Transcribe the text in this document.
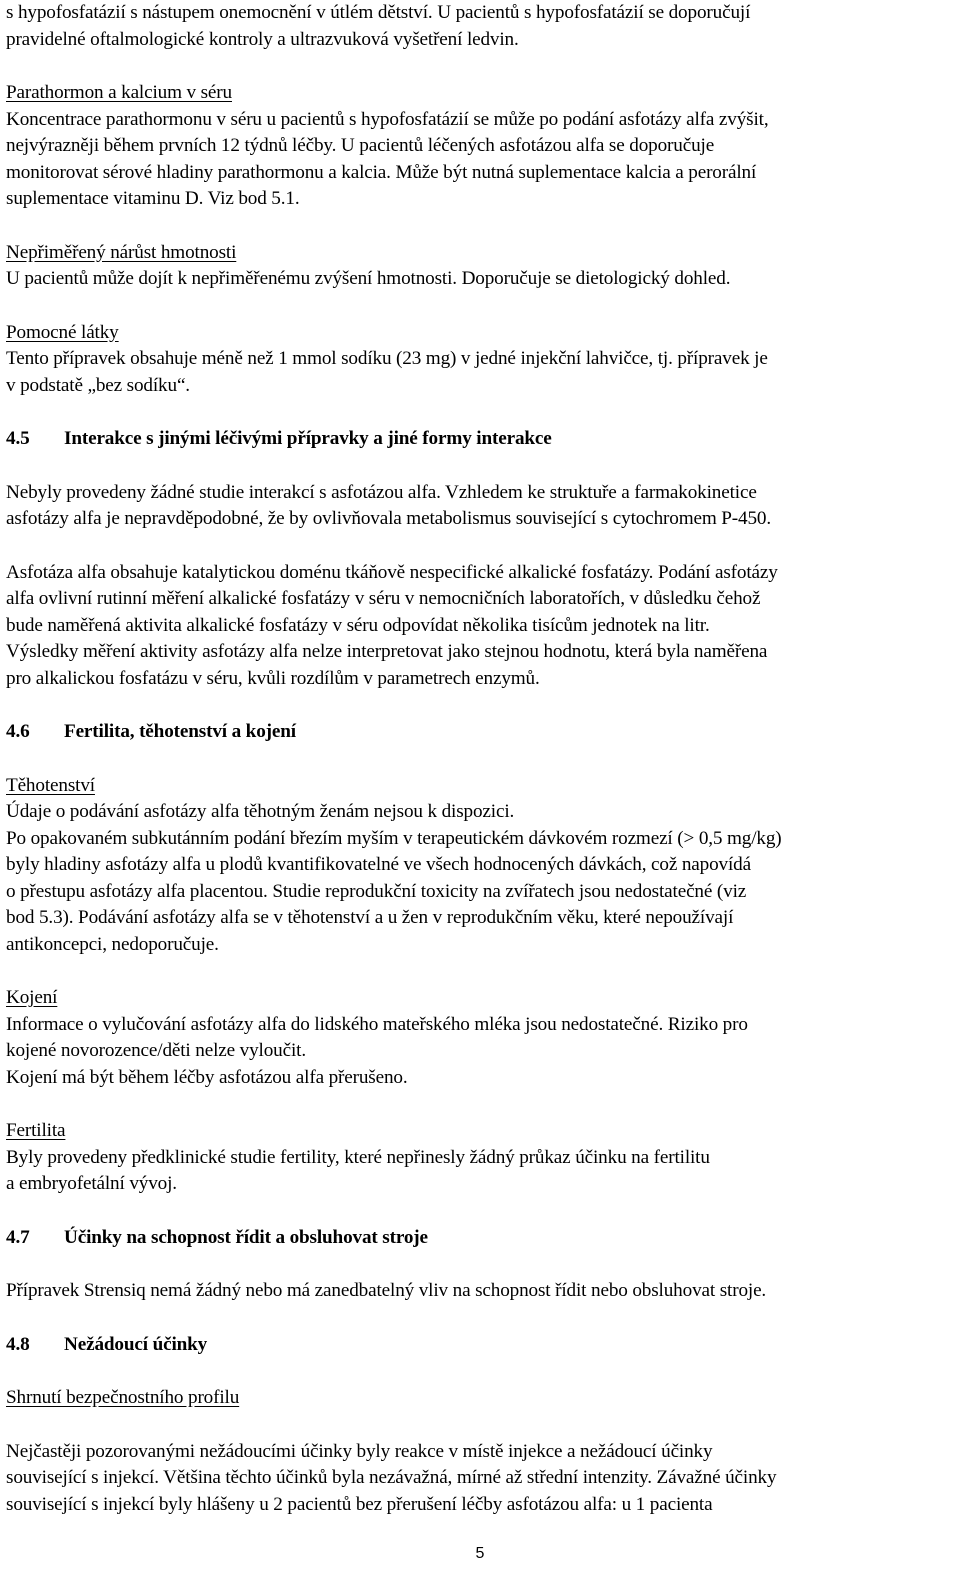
s hypofosfatázií s nástupem onemocnění v útlém dětství. U pacientů s hypofosfatázií se doporučují
pravidelné oftalmologické kontroly a ultrazvuková vyšetření ledvin.
Parathormon a kalcium v séru
Koncentrace parathormonu v séru u pacientů s hypofosfatázií se může po podání asfotázy alfa zvýšit,
nejvýrazněji během prvních 12 týdnů léčby. U pacientů léčených asfotázou alfa se doporučuje
monitorovat sérové hladiny parathormonu a kalcia. Může být nutná suplementace kalcia a perorální
suplementace vitaminu D. Viz bod 5.1.
Nepřiměřený nárůst hmotnosti
U pacientů může dojít k nepřiměřenému zvýšení hmotnosti. Doporučuje se dietologický dohled.
Pomocné látky
Tento přípravek obsahuje méně než 1 mmol sodíku (23 mg) v jedné injekční lahvičce, tj. přípravek je
v podstatě „bez sodíku“.
4.5 Interakce s jinými léčivými přípravky a jiné formy interakce
Nebyly provedeny žádné studie interakcí s asfotázou alfa. Vzhledem ke struktuře a farmakokinetice
asfotázy alfa je nepravděpodobné, že by ovlivňovala metabolismus související s cytochromem P-450.
Asfotáza alfa obsahuje katalytickou doménu tkáňově nespecifické alkalické fosfatázy. Podání asfotázy
alfa ovlivní rutinní měření alkalické fosfatázy v séru v nemocničních laboratořích, v důsledku čehož
bude naměřená aktivita alkalické fosfatázy v séru odpovídat několika tisícům jednotek na litr.
Výsledky měření aktivity asfotázy alfa nelze interpretovat jako stejnou hodnotu, která byla naměřena
pro alkalickou fosfatázu v séru, kvůli rozdílům v parametrech enzymů.
4.6 Fertilita, těhotenství a kojení
Těhotenství
Údaje o podávání asfotázy alfa těhotným ženám nejsou k dispozici.
Po opakovaném subkutánním podání březím myším v terapeutickém dávkovém rozmezí (> 0,5 mg/kg)
byly hladiny asfotázy alfa u plodů kvantifikovatelné ve všech hodnocených dávkách, což napovídá
o přestupu asfotázy alfa placentou. Studie reprodukční toxicity na zvířatech jsou nedostatečné (viz
bod 5.3). Podávání asfotázy alfa se v těhotenství a u žen v reprodukčním věku, které nepoužívají
antikoncepci, nedoporučuje.
Kojení
Informace o vylučování asfotázy alfa do lidského mateřského mléka jsou nedostatečné. Riziko pro
kojené novorozence/děti nelze vyloučit.
Kojení má být během léčby asfotázou alfa přerušeno.
Fertilita
Byly provedeny předklinické studie fertility, které nepřinesly žádný průkaz účinku na fertilitu
a embryofetální vývoj.
4.7 Účinky na schopnost řídit a obsluhovat stroje
Přípravek Strensiq nemá žádný nebo má zanedbatelný vliv na schopnost řídit nebo obsluhovat stroje.
4.8 Nežádoucí účinky
Shrnutí bezpečnostního profilu
Nejčastěji pozorovanými nežádoucími účinky byly reakce v místě injekce a nežádoucí účinky
související s injekcí. Většina těchto účinků byla nezávažná, mírné až střední intenzity. Závažné účinky
související s injekcí byly hlášeny u 2 pacientů bez přerušení léčby asfotázou alfa: u 1 pacienta
5
